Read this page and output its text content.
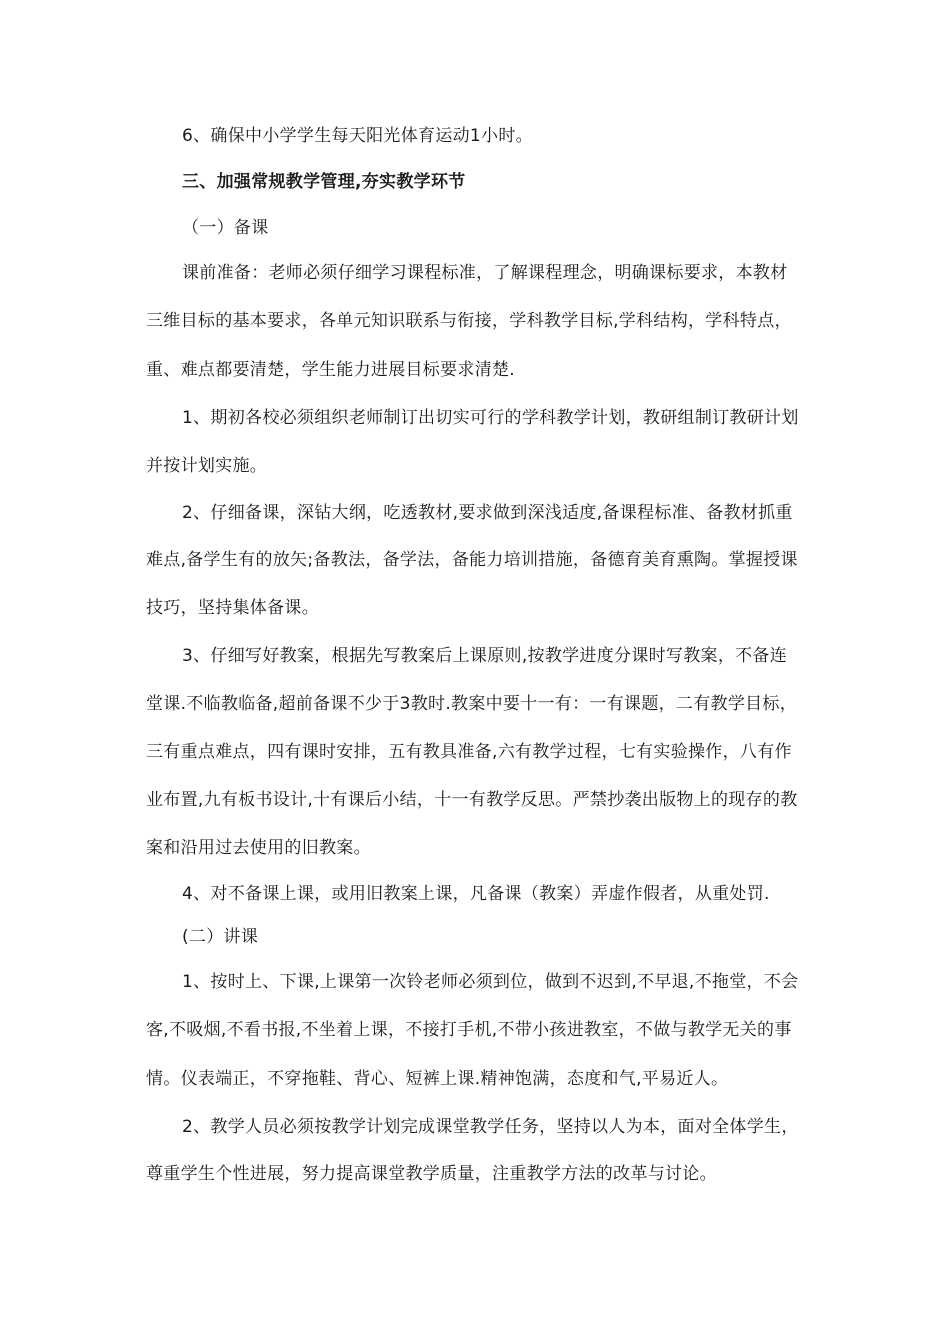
6、确保中小学学生每天阳光体育运动1小时。
三、加强常规教学管理,夯实教学环节
（一）备课
课前准备：老师必须仔细学习课程标准，了解课程理念，明确课标要求，本教材
三维目标的基本要求，各单元知识联系与衔接，学科教学目标,学科结构，学科特点，
重、难点都要清楚，学生能力进展目标要求清楚.
1、期初各校必须组织老师制订出切实可行的学科教学计划，教研组制订教研计划
并按计划实施。
2、仔细备课，深钻大纲，吃透教材,要求做到深浅适度,备课程标准、备教材抓重
难点,备学生有的放矢;备教法，备学法，备能力培训措施，备德育美育熏陶。掌握授课
技巧，坚持集体备课。
3、仔细写好教案，根据先写教案后上课原则,按教学进度分课时写教案，不备连
堂课.不临教临备,超前备课不少于3教时.教案中要十一有：一有课题，二有教学目标，
三有重点难点，四有课时安排，五有教具准备,六有教学过程，七有实验操作，八有作
业布置,九有板书设计,十有课后小结，十一有教学反思。严禁抄袭出版物上的现存的教
案和沿用过去使用的旧教案。
4、对不备课上课，或用旧教案上课，凡备课（教案）弄虚作假者，从重处罚.
(二）讲课
1、按时上、下课,上课第一次铃老师必须到位，做到不迟到,不早退,不拖堂，不会
客,不吸烟,不看书报,不坐着上课，不接打手机,不带小孩进教室，不做与教学无关的事
情。仪表端正，不穿拖鞋、背心、短裤上课.精神饱满，态度和气,平易近人。
2、教学人员必须按教学计划完成课堂教学任务，坚持以人为本，面对全体学生，
尊重学生个性进展，努力提高课堂教学质量，注重教学方法的改革与讨论。
